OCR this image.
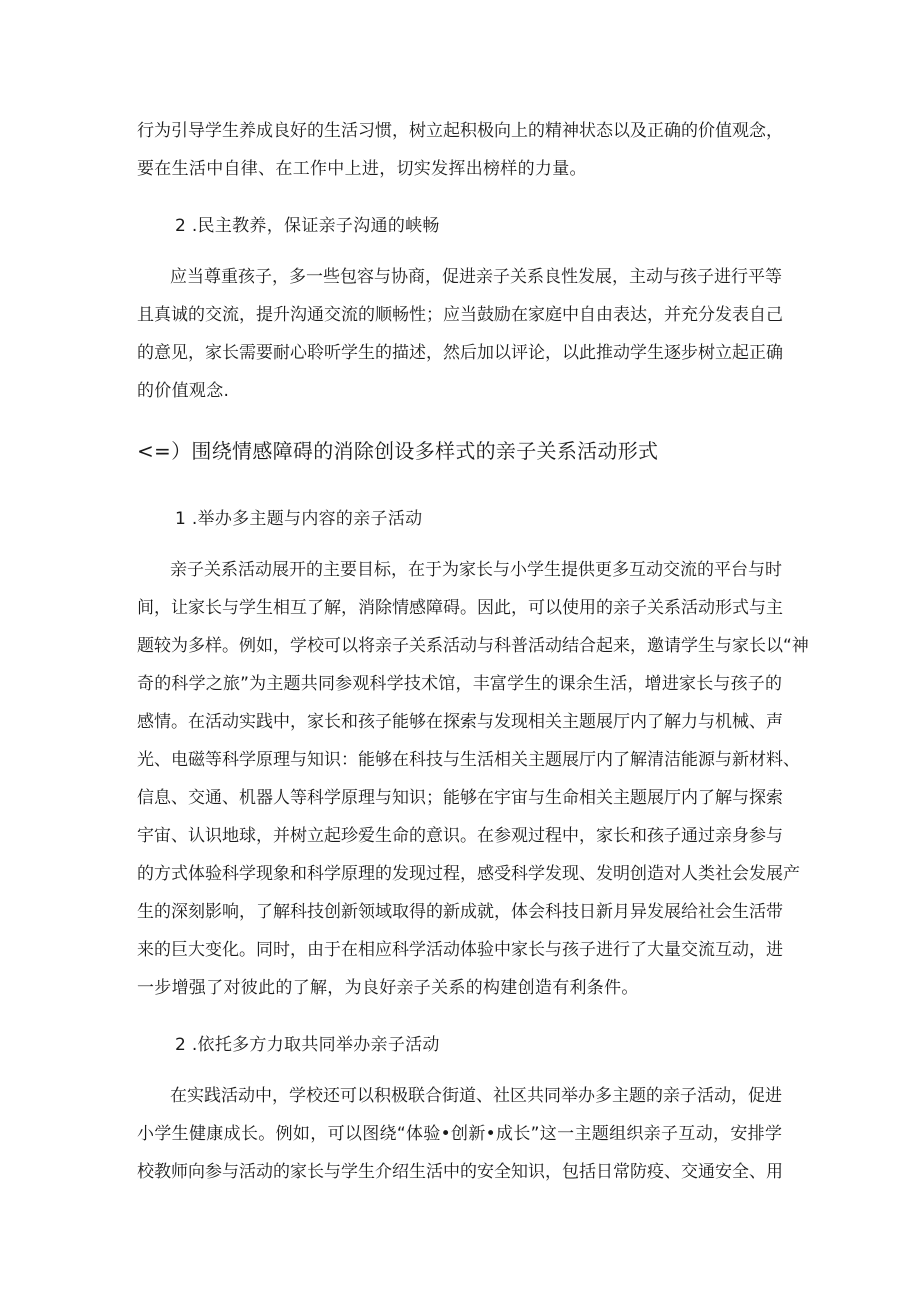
行为引导学生养成良好的生活习惯，树立起积极向上的精神状态以及正确的价值观念，
要在生活中自律、在工作中上进，切实发挥出榜样的力量。
2 .民主教养，保证亲子沟通的峡畅
应当尊重孩子，多一些包容与协商，促进亲子关系良性发展，主动与孩子进行平等
且真诚的交流，提升沟通交流的顺畅性；应当鼓励在家庭中自由表达，并充分发表自己
的意见，家长需要耐心聆听学生的描述，然后加以评论，以此推动学生逐步树立起正确
的价值观念.
<=）围绕情感障碍的消除创设多样式的亲子关系活动形式
1 .举办多主题与内容的亲子活动
亲子关系活动展开的主要目标，在于为家长与小学生提供更多互动交流的平台与时
间，让家长与学生相互了解，消除情感障碍。因此，可以使用的亲子关系活动形式与主
题较为多样。例如，学校可以将亲子关系活动与科普活动结合起来，邀请学生与家长以“神
奇的科学之旅”为主题共同参观科学技术馆，丰富学生的课余生活，增进家长与孩子的
感情。在活动实践中，家长和孩子能够在探索与发现相关主题展厅内了解力与机械、声
光、电磁等科学原理与知识：能够在科技与生活相关主题展厅内了解清洁能源与新材料、
信息、交通、机器人等科学原理与知识；能够在宇宙与生命相关主题展厅内了解与探索
宇宙、认识地球，并树立起珍爱生命的意识。在参观过程中，家长和孩子通过亲身参与
的方式体验科学现象和科学原理的发现过程，感受科学发现、发明创造对人类社会发展产
生的深刻影响，了解科技创新领域取得的新成就，体会科技日新月异发展给社会生活带
来的巨大变化。同时，由于在相应科学活动体验中家长与孩子进行了大量交流互动，进
一步增强了对彼此的了解，为良好亲子关系的构建创造有利条件。
2 .依托多方力取共同举办亲子活动
在实践活动中，学校还可以积极联合街道、社区共同举办多主题的亲子活动，促进
小学生健康成长。例如，可以图绕“体验•创新•成长”这一主题组织亲子互动，安排学
校教师向参与活动的家长与学生介绍生活中的安全知识，包括日常防疫、交通安全、用
